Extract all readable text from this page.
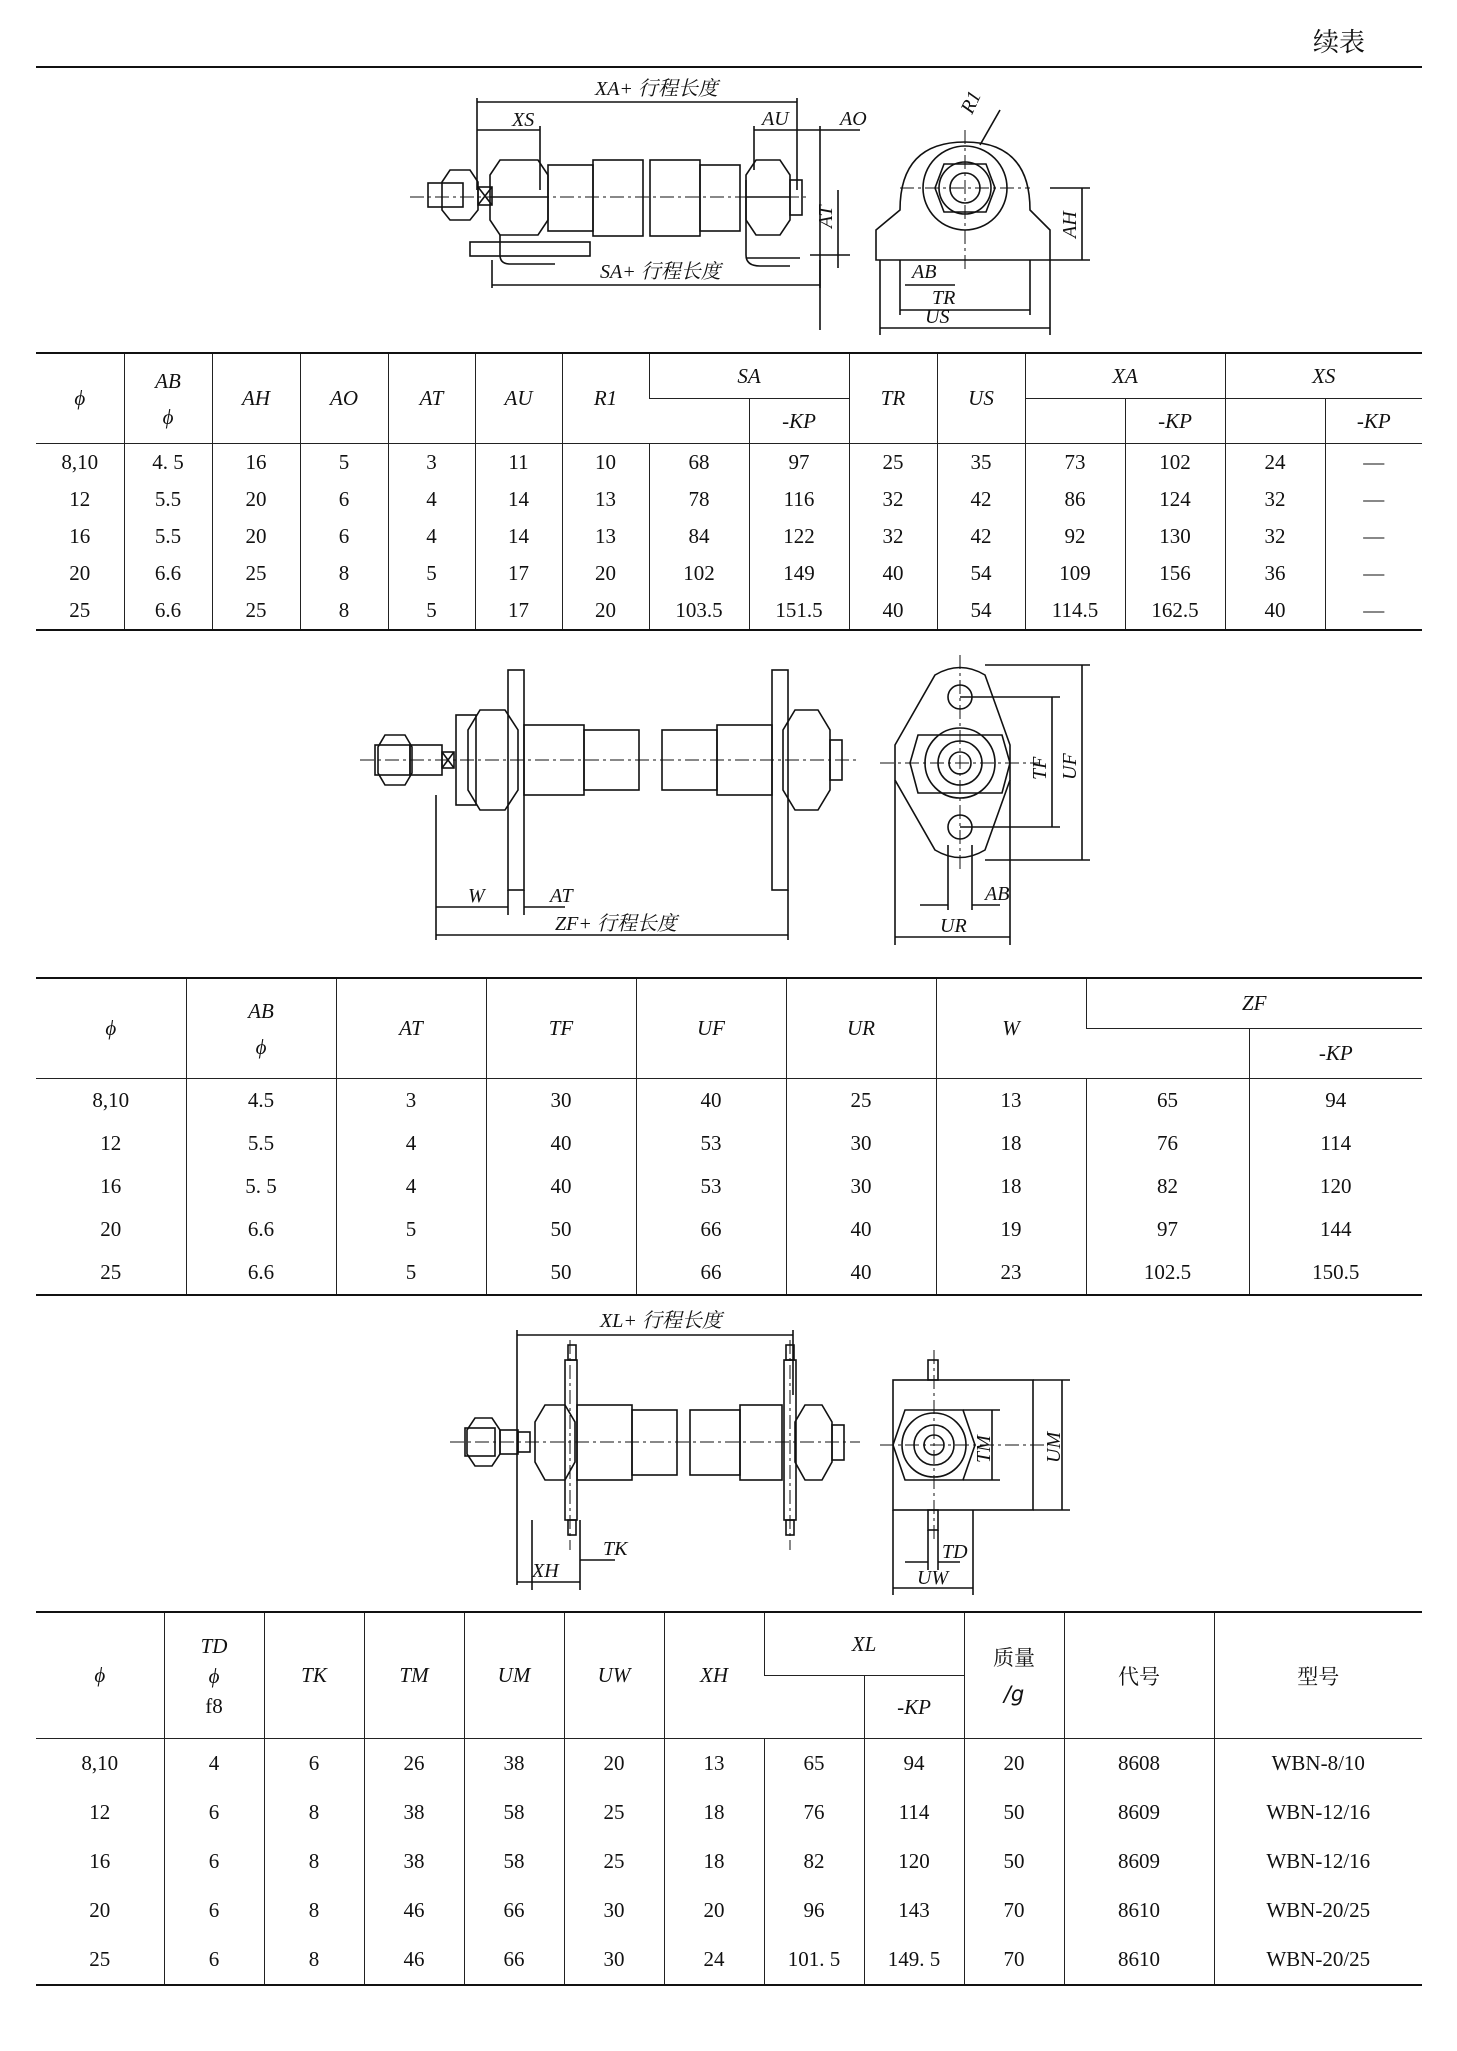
续表
XA+ 行程长度
XS	AU	AO
R1
AT	AH
SA+ 行程长度	AB
TR
US
ϕ	AB
ϕ	AH	AO	AT	AU	R1	SA		TR	US	XA		XS	
								-KP				-KP		-KP
8,10	4. 5	16	5	3	11	10	68	97	25	35	73	102	24	—
12	5.5	20	6	4	14	13	78	116	32	42	86	124	32	—
16	5.5	20	6	4	14	13	84	122	32	42	92	130	32	—
20	6.6	25	8	5	17	20	102	149	40	54	109	156	36	—
25	6.6	25	8	5	17	20	103.5	151.5	40	54	114.5	162.5	40	—
W	AT
ZF+ 行程长度
TF UF
AB
UR
ϕ	AB
ϕ	AT	TF	UF	UR	W	ZF	
								-KP
8,10	4.5	3	30	40	25	13	65	94
12	5.5	4	40	53	30	18	76	114
16	5. 5	4	40	53	30	18	82	120
20	6.6	5	50	66	40	19	97	144
25	6.6	5	50	66	40	23	102.5	150.5
XL+ 行程长度
TK
XH
TM UM
TD
UW
ϕ	TD
ϕ
f8	TK	TM	UM	UW	XH	XL		质量
/g	代号	型号
								-KP			
8,10	4	6	26	38	20	13	65	94	20	8608	WBN-8/10
12	6	8	38	58	25	18	76	114	50	8609	WBN-12/16
16	6	8	38	58	25	18	82	120	50	8609	WBN-12/16
20	6	8	46	66	30	20	96	143	70	8610	WBN-20/25
25	6	8	46	66	30	24	101. 5	149. 5	70	8610	WBN-20/25
